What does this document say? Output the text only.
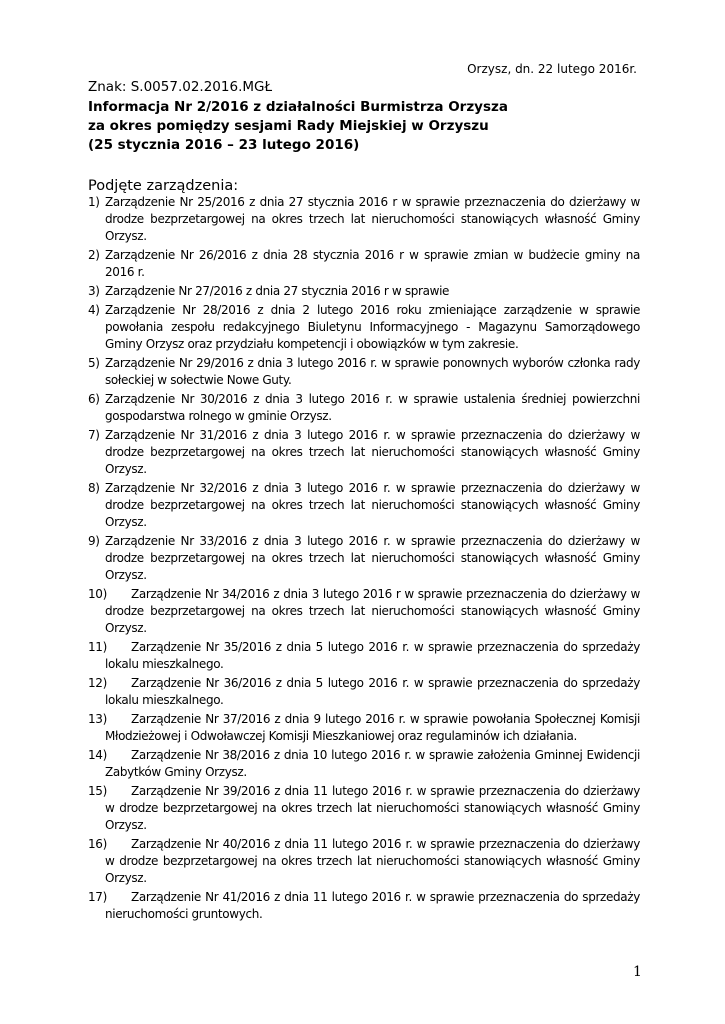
Orzysz, dn. 22 lutego 2016r.
Znak: S.0057.02.2016.MGŁ
Informacja Nr 2/2016 z działalności Burmistrza Orzysza
za okres pomiędzy sesjami Rady Miejskiej w Orzyszu
(25 stycznia 2016 – 23 lutego 2016)
Podjęte zarządzenia:
1) Zarządzenie Nr 25/2016 z dnia 27 stycznia 2016 r w sprawie przeznaczenia do dzierżawy w drodze bezprzetargowej na okres trzech lat nieruchomości stanowiących własność Gminy Orzysz.
2) Zarządzenie Nr 26/2016 z dnia 28 stycznia 2016 r w sprawie zmian w budżecie gminy na 2016 r.
3) Zarządzenie Nr 27/2016 z dnia 27 stycznia 2016 r w sprawie
4) Zarządzenie Nr 28/2016 z dnia 2 lutego 2016 roku zmieniające zarządzenie w sprawie powołania zespołu redakcyjnego Biuletynu Informacyjnego - Magazynu Samorządowego Gminy Orzysz oraz przydziału kompetencji i obowiązków w tym zakresie.
5) Zarządzenie Nr 29/2016 z dnia 3 lutego 2016 r. w sprawie ponownych wyborów członka rady sołeckiej w sołectwie Nowe Guty.
6) Zarządzenie Nr 30/2016 z dnia 3 lutego 2016 r. w sprawie ustalenia średniej powierzchni gospodarstwa rolnego w gminie Orzysz.
7) Zarządzenie Nr 31/2016 z dnia 3 lutego 2016 r. w sprawie przeznaczenia do dzierżawy w drodze bezprzetargowej na okres trzech lat nieruchomości stanowiących własność Gminy Orzysz.
8) Zarządzenie Nr 32/2016 z dnia 3 lutego 2016 r. w sprawie przeznaczenia do dzierżawy w drodze bezprzetargowej na okres trzech lat nieruchomości stanowiących własność Gminy Orzysz.
9) Zarządzenie Nr 33/2016 z dnia 3 lutego 2016 r. w sprawie przeznaczenia do dzierżawy w drodze bezprzetargowej na okres trzech lat nieruchomości stanowiących własność Gminy Orzysz.
10) Zarządzenie Nr 34/2016 z dnia 3 lutego 2016 r w sprawie przeznaczenia do dzierżawy w drodze bezprzetargowej na okres trzech lat nieruchomości stanowiących własność Gminy Orzysz.
11) Zarządzenie Nr 35/2016 z dnia 5 lutego 2016 r. w sprawie przeznaczenia do sprzedaży lokalu mieszkalnego.
12) Zarządzenie Nr 36/2016 z dnia 5 lutego 2016 r. w sprawie przeznaczenia do sprzedaży lokalu mieszkalnego.
13) Zarządzenie Nr 37/2016 z dnia 9 lutego 2016 r. w sprawie powołania Społecznej Komisji Młodzieżowej i Odwoławczej Komisji Mieszkaniowej oraz regulaminów ich działania.
14) Zarządzenie Nr 38/2016 z dnia 10 lutego 2016 r. w sprawie założenia Gminnej Ewidencji Zabytków Gminy Orzysz.
15) Zarządzenie Nr 39/2016 z dnia 11 lutego 2016 r. w sprawie przeznaczenia do dzierżawy w drodze bezprzetargowej na okres trzech lat nieruchomości stanowiących własność Gminy Orzysz.
16) Zarządzenie Nr 40/2016 z dnia 11 lutego 2016 r. w sprawie przeznaczenia do dzierżawy w drodze bezprzetargowej na okres trzech lat nieruchomości stanowiących własność Gminy Orzysz.
17) Zarządzenie Nr 41/2016 z dnia 11 lutego 2016 r. w sprawie przeznaczenia do sprzedaży nieruchomości gruntowych.
1
